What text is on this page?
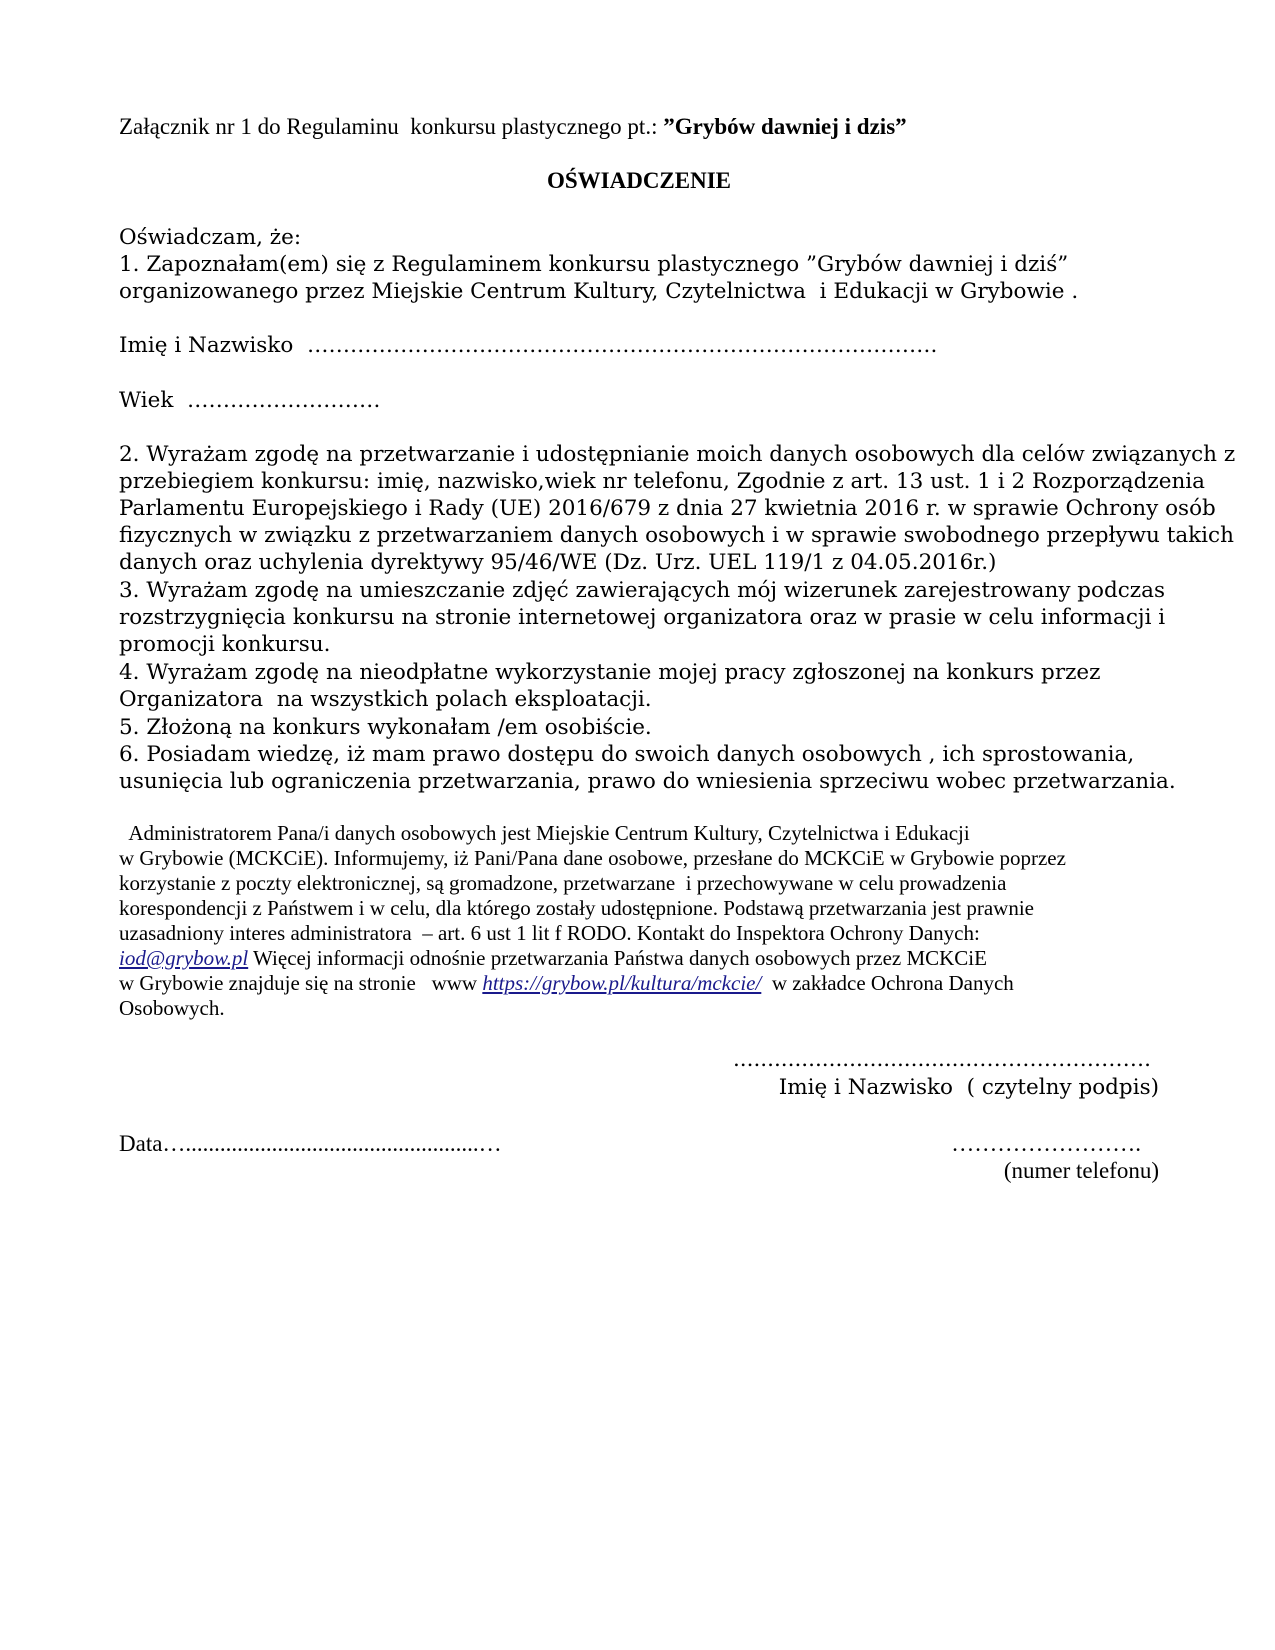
Załącznik nr 1 do Regulaminu  konkursu plastycznego pt.: ”Grybów dawniej i dzis”
OŚWIADCZENIE
Oświadczam, że:
1. Zapoznałam(em) się z Regulaminem konkursu plastycznego ”Grybów dawniej i dziś”
organizowanego przez Miejskie Centrum Kultury, Czytelnictwa  i Edukacji w Grybowie .
Imię i Nazwisko  …………………………………………………………………………….
Wiek  ………………………
2. Wyrażam zgodę na przetwarzanie i udostępnianie moich danych osobowych dla celów związanych z
przebiegiem konkursu: imię, nazwisko,wiek nr telefonu, Zgodnie z art. 13 ust. 1 i 2 Rozporządzenia
Parlamentu Europejskiego i Rady (UE) 2016/679 z dnia 27 kwietnia 2016 r. w sprawie Ochrony osób
fizycznych w związku z przetwarzaniem danych osobowych i w sprawie swobodnego przepływu takich
danych oraz uchylenia dyrektywy 95/46/WE (Dz. Urz. UEL 119/1 z 04.05.2016r.)
3. Wyrażam zgodę na umieszczanie zdjęć zawierających mój wizerunek zarejestrowany podczas
rozstrzygnięcia konkursu na stronie internetowej organizatora oraz w prasie w celu informacji i
promocji konkursu.
4. Wyrażam zgodę na nieodpłatne wykorzystanie mojej pracy zgłoszonej na konkurs przez
Organizatora  na wszystkich polach eksploatacji.
5. Złożoną na konkurs wykonałam /em osobiście.
6. Posiadam wiedzę, iż mam prawo dostępu do swoich danych osobowych , ich sprostowania,
usunięcia lub ograniczenia przetwarzania, prawo do wniesienia sprzeciwu wobec przetwarzania.
Administratorem Pana/i danych osobowych jest Miejskie Centrum Kultury, Czytelnictwa i Edukacji
w Grybowie (MCKCiE). Informujemy, iż Pani/Pana dane osobowe, przesłane do MCKCiE w Grybowie poprzez
korzystanie z poczty elektronicznej, są gromadzone, przetwarzane  i przechowywane w celu prowadzenia
korespondencji z Państwem i w celu, dla którego zostały udostępnione. Podstawą przetwarzania jest prawnie
uzasadniony interes administratora  – art. 6 ust 1 lit f RODO. Kontakt do Inspektora Ochrony Danych:
iod@grybow.pl Więcej informacji odnośnie przetwarzania Państwa danych osobowych przez MCKCiE
w Grybowie znajduje się na stronie   www https://grybow.pl/kultura/mckcie/  w zakładce Ochrona Danych
Osobowych.
...................................…………………….
Imię i Nazwisko  ( czytelny podpis)
Data…...................................................…	…………………….
(numer telefonu)
